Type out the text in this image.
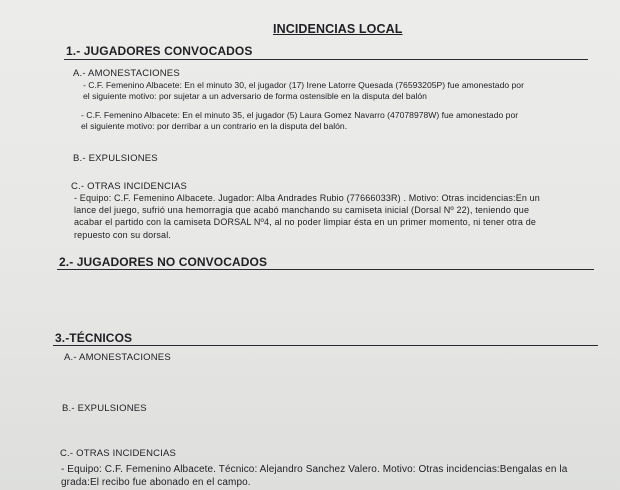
INCIDENCIAS LOCAL
1.- JUGADORES CONVOCADOS
A.- AMONESTACIONES
- C.F. Femenino Albacete: En el minuto 30, el jugador (17) Irene Latorre Quesada (76593205P) fue amonestado por
el siguiente motivo: por sujetar a un adversario de forma ostensible en la disputa del balón
- C.F. Femenino Albacete: En el minuto 35, el jugador (5) Laura Gomez Navarro (47078978W) fue amonestado por
el siguiente motivo: por derribar a un contrario en la disputa del balón.
B.- EXPULSIONES
C.- OTRAS INCIDENCIAS
- Equipo: C.F. Femenino Albacete. Jugador: Alba Andrades Rubio (77666033R) . Motivo: Otras incidencias:En un
lance del juego, sufrió una hemorragia que acabó manchando su camiseta inicial (Dorsal Nº 22), teniendo que
acabar el partido con la camiseta DORSAL Nº4, al no poder limpiar ésta en un primer momento, ni tener otra de
repuesto con su dorsal.
2.- JUGADORES NO CONVOCADOS
3.-TÉCNICOS
A.- AMONESTACIONES
B.- EXPULSIONES
C.- OTRAS INCIDENCIAS
- Equipo: C.F. Femenino Albacete. Técnico: Alejandro Sanchez Valero. Motivo: Otras incidencias:Bengalas en la
grada:El recibo fue abonado en el campo.
